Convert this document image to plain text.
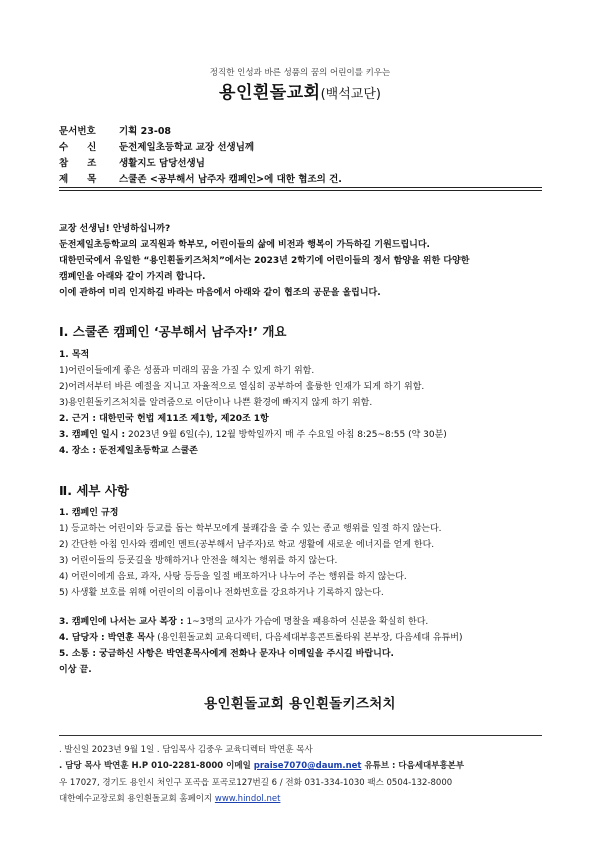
정직한 인성과 바른 성품의 꿈의 어린이를 키우는
용인흰돌교회(백석교단)
문서번호 기획 23-08
수　　신 둔전제일초등학교 교장 선생님께
참　　조 생활지도 담당선생님
제　　목 스쿨존 <공부해서 남주자 캠페인>에 대한 협조의 건.
교장 선생님! 안녕하십니까?
둔전제일초등학교의 교직원과 학부모, 어린이들의 삶에 비전과 행복이 가득하길 기원드립니다.
대한민국에서 유일한 “용인흰돌키즈처치”에서는 2023년 2학기에 어린이들의 정서 함양을 위한 다양한
캠페인을 아래와 같이 가지려 합니다.
이에 관하여 미리 인지하길 바라는 마음에서 아래와 같이 협조의 공문을 올립니다.
Ⅰ. 스쿨존 캠페인 ‘공부해서 남주자!’ 개요
1. 목적
1)어린이들에게 좋은 성품과 미래의 꿈을 가질 수 있게 하기 위함.
2)어려서부터 바른 예절을 지니고 자율적으로 열심히 공부하여 훌륭한 인재가 되게 하기 위함.
3)용인흰돌키즈처치를 알려줌으로 이단이나 나쁜 환경에 빠지지 않게 하기 위함.
2. 근거 : 대한민국 헌법 제11조 제1항, 제20조 1항
3. 캠페인 일시 : 2023년 9월 6일(수), 12월 방학일까지 매 주 수요일 아침 8:25~8:55 (약 30분)
4. 장소 : 둔전제일초등학교 스쿨존
Ⅱ. 세부 사항
1. 캠페인 규정
1) 등교하는 어린이와 등교를 돕는 학부모에게 불쾌감을 줄 수 있는 종교 행위를 일절 하지 않는다.
2) 간단한 아침 인사와 캠페인 멘트(공부해서 남주자)로 학교 생활에 새로운 에너지를 얻게 한다.
3) 어린이들의 등굣길을 방해하거나 안전을 해치는 행위를 하지 않는다.
4) 어린이에게 음료, 과자, 사탕 등등을 일절 배포하거나 나누어 주는 행위를 하지 않는다.
5) 사생활 보호를 위해 어린이의 이름이나 전화번호를 강요하거나 기록하지 않는다.
3. 캠페인에 나서는 교사 복장 : 1~3명의 교사가 가슴에 명찰을 패용하여 신분을 확실히 한다.
4. 담당자 : 박연훈 목사 (용인흰돌교회 교육디렉터, 다음세대부흥콘트롤타워 본부장, 다음세대 유튜버)
5. 소통 : 궁금하신 사항은 박연훈목사에게 전화나 문자나 이메일을 주시길 바랍니다.
이상 끝.
용인흰돌교회 용인흰돌키즈처치
. 발신일 2023년 9월 1일 . 담임목사 김중우 교육디렉터 박연훈 목사
. 담당 목사 박연훈 H.P 010-2281-8000 이메일 praise7070@daum.net 유튜브 : 다음세대부흥본부
우 17027, 경기도 용인시 처인구 포곡읍 포곡로127번길 6 / 전화 031-334-1030 팩스 0504-132-8000
대한예수교장로회 용인흰돌교회 홈페이지 www.hindol.net
